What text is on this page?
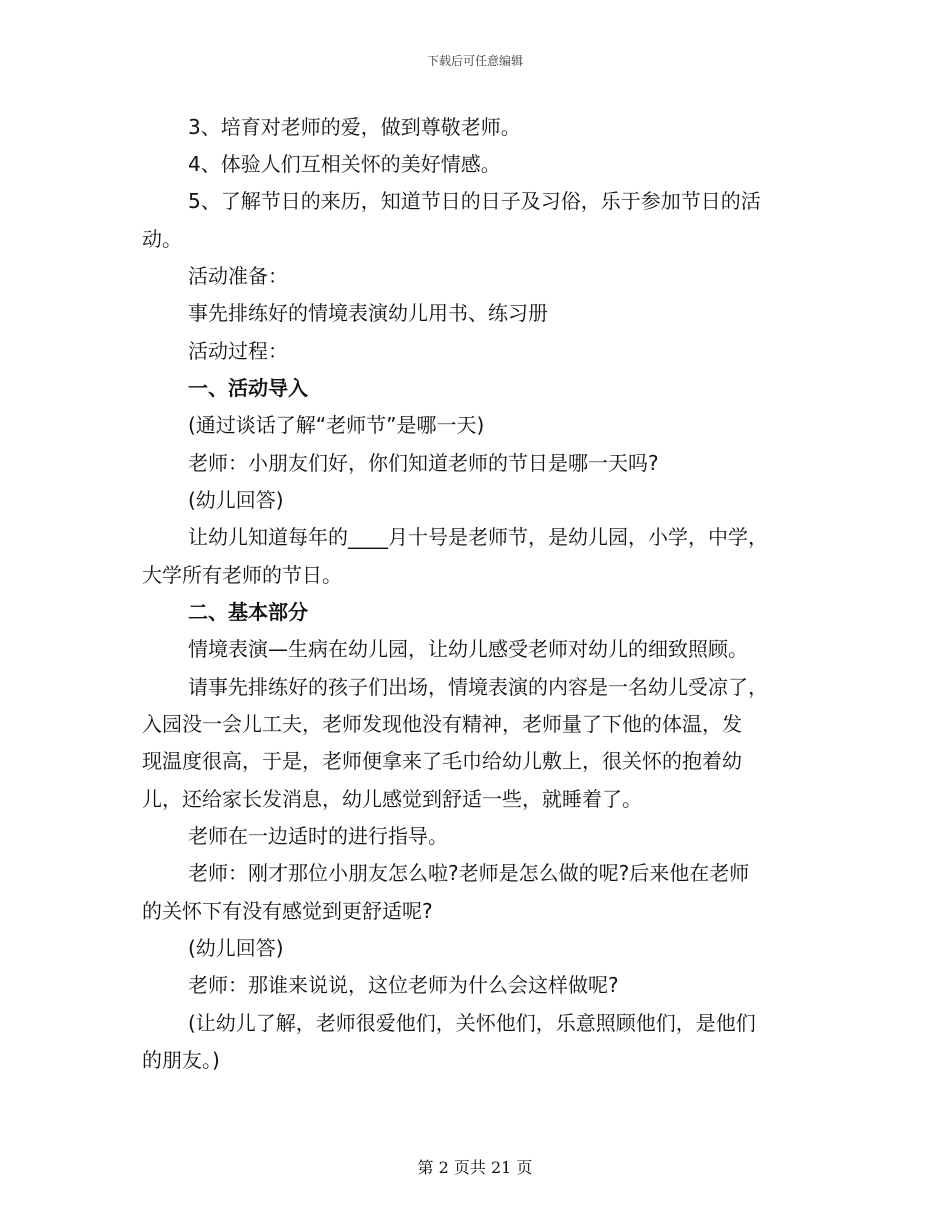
下载后可任意编辑
3、培育对老师的爱，做到尊敬老师。
4、体验人们互相关怀的美好情感。
5、了解节日的来历，知道节日的日子及习俗，乐于参加节日的活
动。
活动准备：
事先排练好的情境表演幼儿用书、练习册
活动过程：
一、活动导入
(通过谈话了解“老师节”是哪一天)
老师：小朋友们好，你们知道老师的节日是哪一天吗?
(幼儿回答)
让幼儿知道每年的____月十号是老师节，是幼儿园，小学，中学，
大学所有老师的节日。
二、基本部分
情境表演—生病在幼儿园，让幼儿感受老师对幼儿的细致照顾。
请事先排练好的孩子们出场，情境表演的内容是一名幼儿受凉了，
入园没一会儿工夫，老师发现他没有精神，老师量了下他的体温，发
现温度很高，于是，老师便拿来了毛巾给幼儿敷上，很关怀的抱着幼
儿，还给家长发消息，幼儿感觉到舒适一些，就睡着了。
老师在一边适时的进行指导。
老师：刚才那位小朋友怎么啦?老师是怎么做的呢?后来他在老师
的关怀下有没有感觉到更舒适呢?
(幼儿回答)
老师：那谁来说说，这位老师为什么会这样做呢?
(让幼儿了解，老师很爱他们，关怀他们，乐意照顾他们，是他们
的朋友。)
第 2 页共 21 页
